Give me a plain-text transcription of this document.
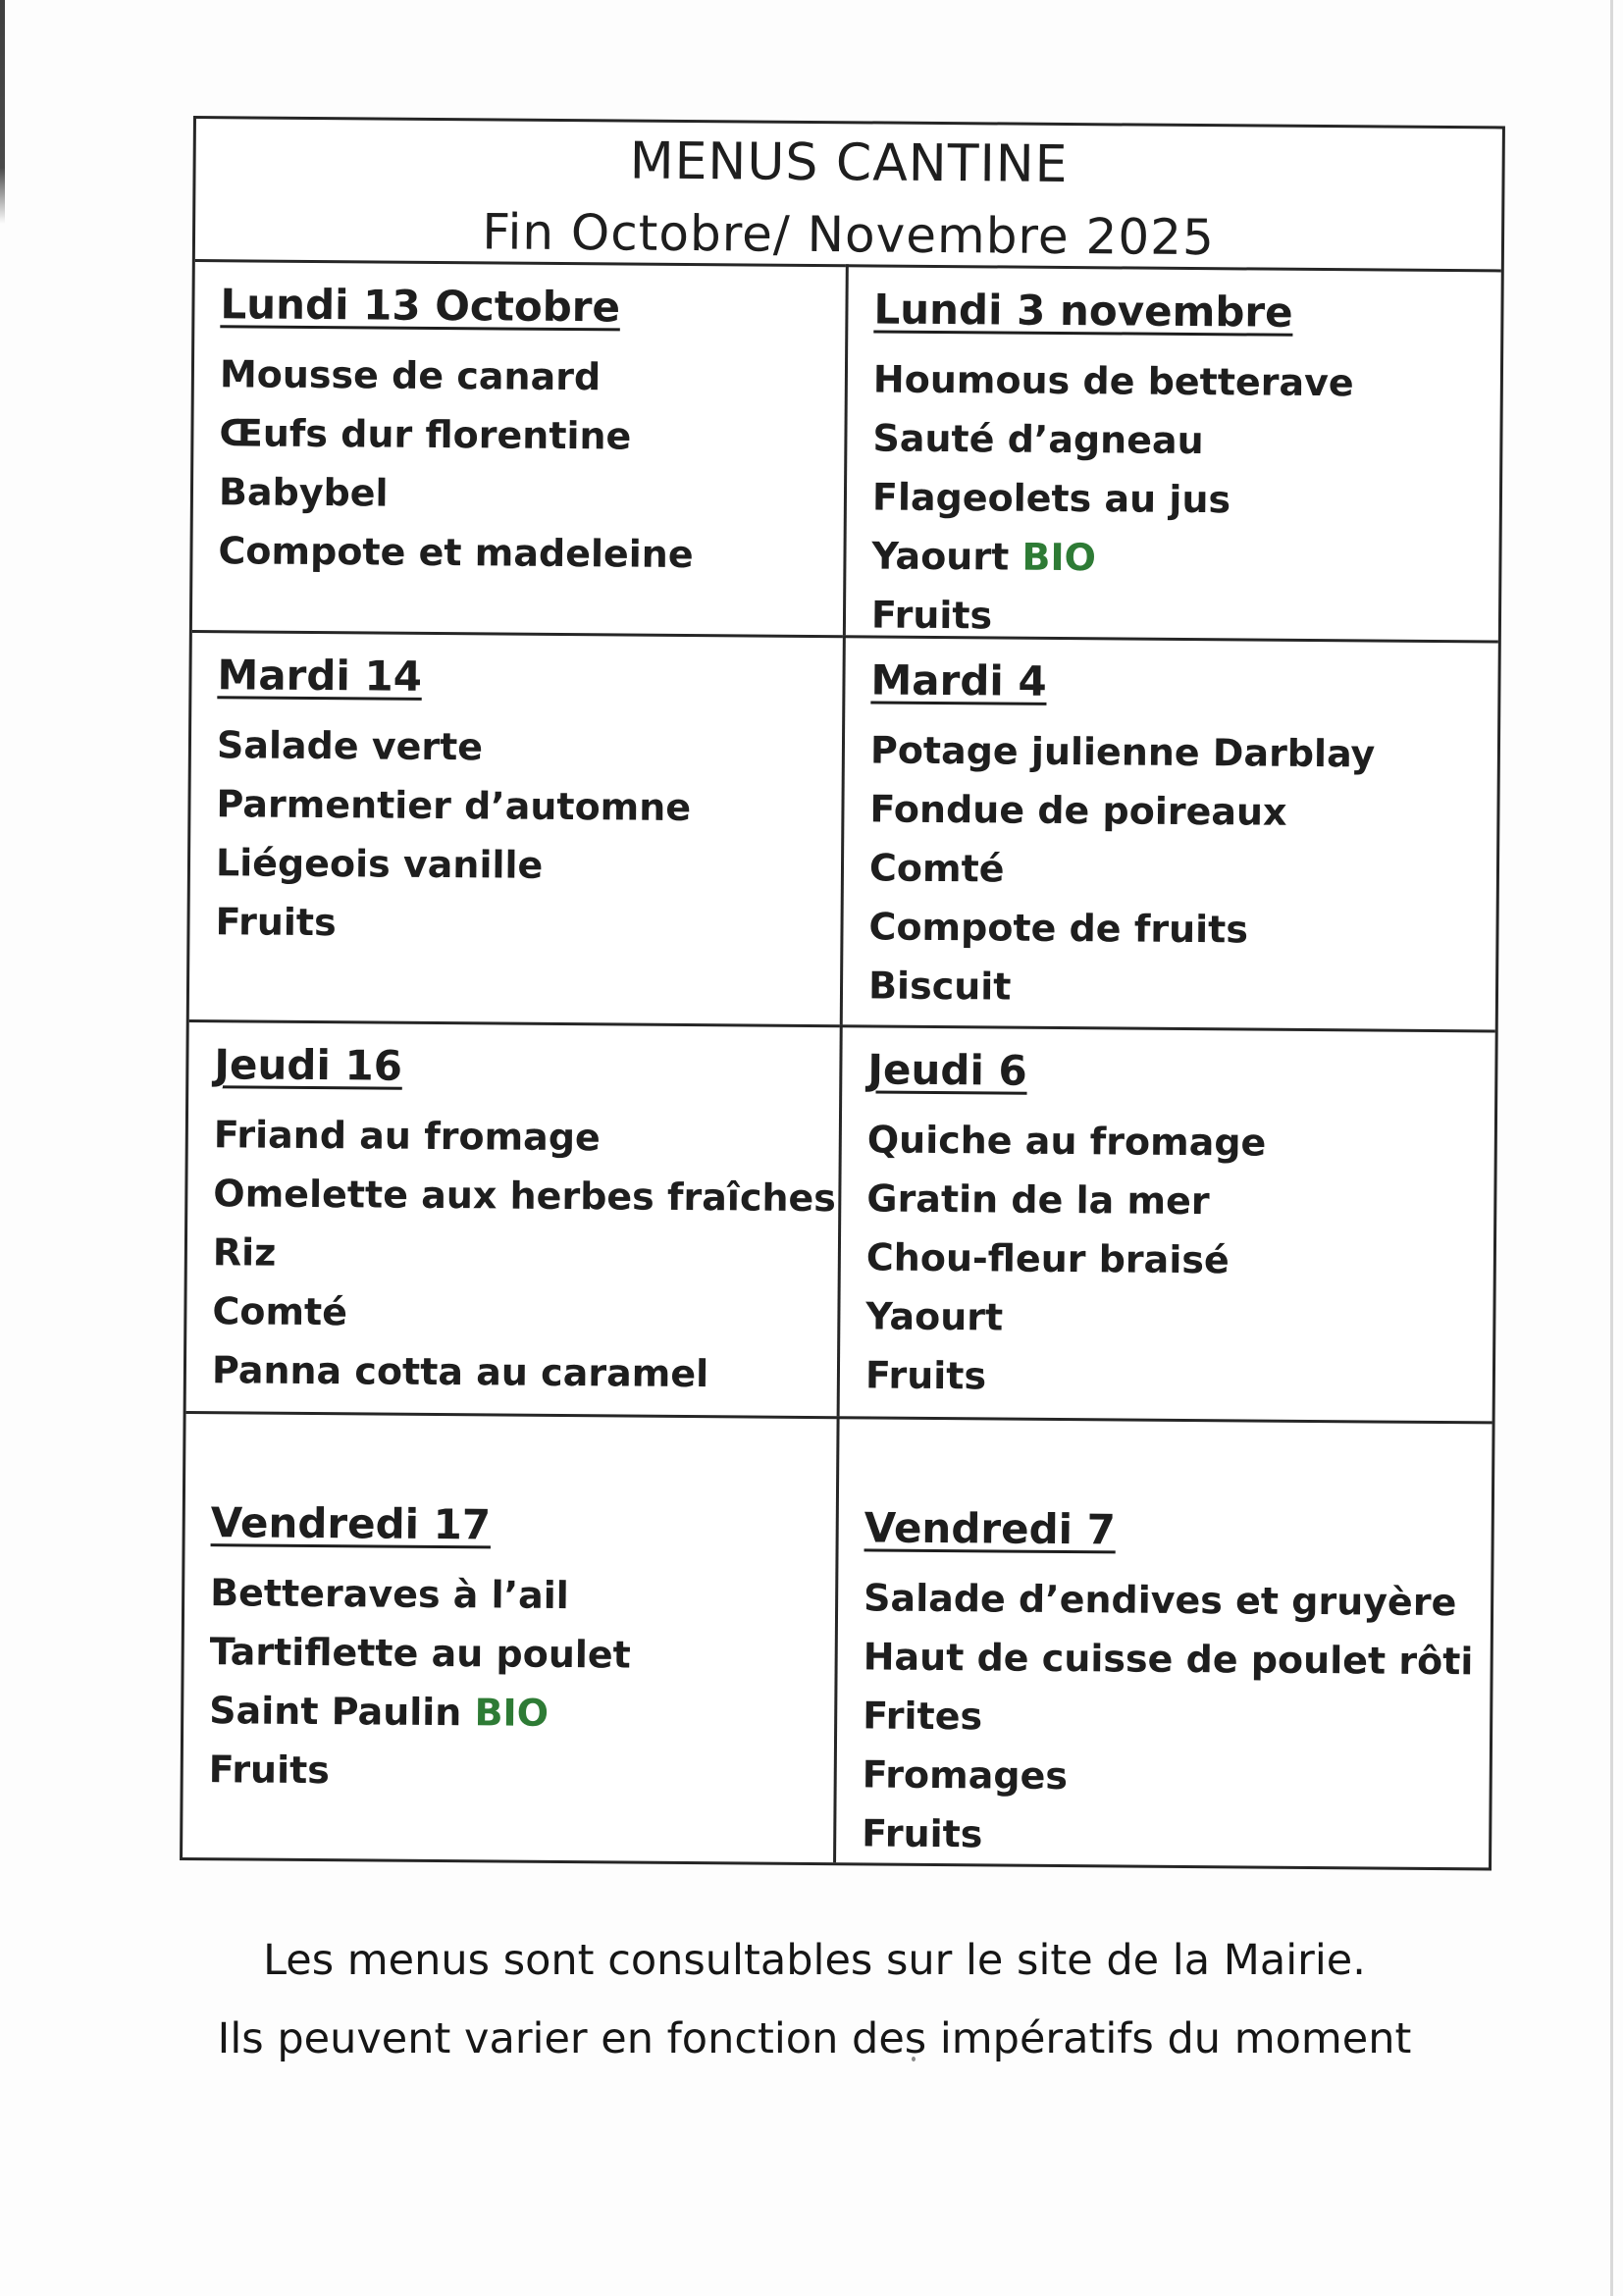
MENUS CANTINE
Fin Octobre/ Novembre 2025
Lundi 13 Octobre
Mousse de canard
Œufs dur florentine
Babybel
Compote et madeleine
Lundi 3 novembre
Houmous de betterave
Sauté d’agneau
Flageolets au jus
Yaourt BIO
Fruits
Mardi 14
Salade verte
Parmentier d’automne
Liégeois vanille
Fruits
Mardi 4
Potage julienne Darblay
Fondue de poireaux
Comté
Compote de fruits
Biscuit
Jeudi 16
Friand au fromage
Omelette aux herbes fraîches
Riz
Comté
Panna cotta au caramel
Jeudi 6
Quiche au fromage
Gratin de la mer
Chou-fleur braisé
Yaourt
Fruits
Vendredi 17
Betteraves à l’ail
Tartiflette au poulet
Saint Paulin BIO
Fruits
Vendredi 7
Salade d’endives et gruyère
Haut de cuisse de poulet rôti
Frites
Fromages
Fruits
Les menus sont consultables sur le site de la Mairie.
Ils peuvent varier en fonction des impératifs du moment
